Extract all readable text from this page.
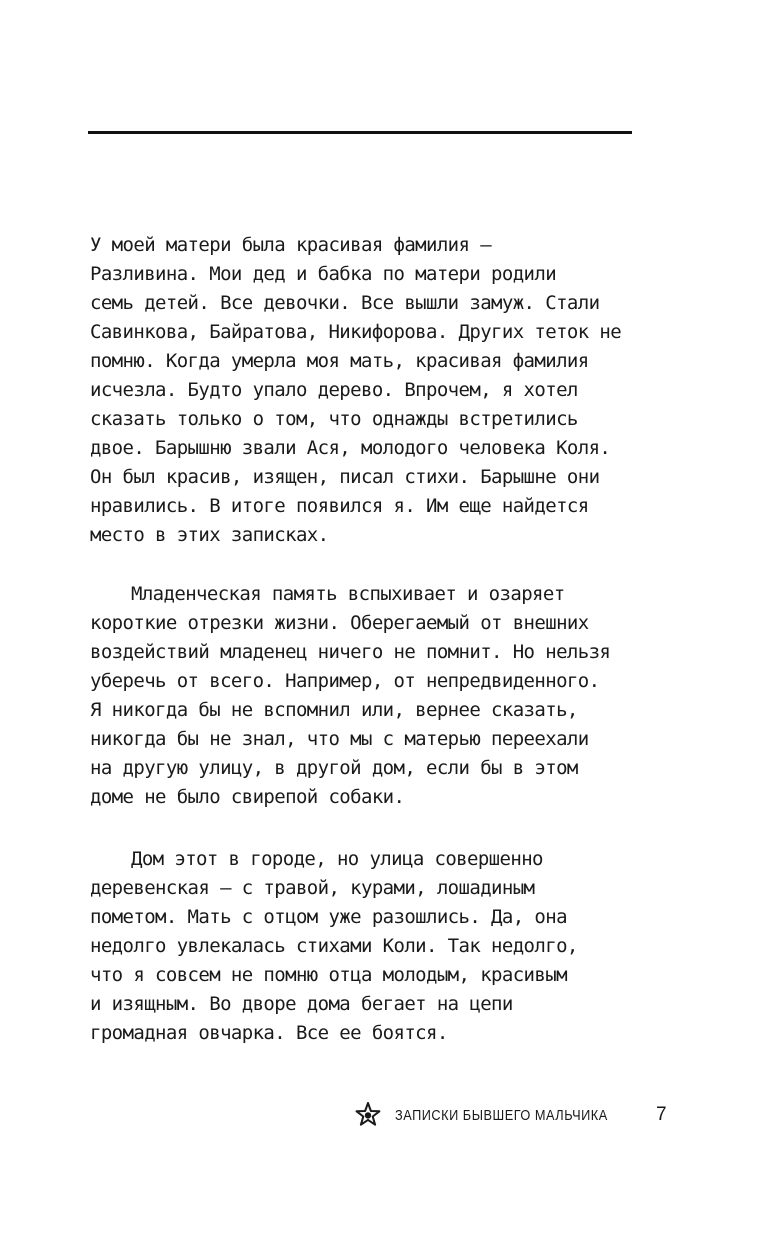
У моей матери была красивая фамилия –
Разливина. Мои дед и бабка по матери родили
семь детей. Все девочки. Все вышли замуж. Стали
Савинкова, Байратова, Никифорова. Других теток не
помню. Когда умерла моя мать, красивая фамилия
исчезла. Будто упало дерево. Впрочем, я хотел
сказать только о том, что однажды встретились
двое. Барышню звали Ася, молодого человека Коля.
Он был красив, изящен, писал стихи. Барышне они
нравились. В итоге появился я. Им еще найдется
место в этих записках.
Младенческая память вспыхивает и озаряет
короткие отрезки жизни. Оберегаемый от внешних
воздействий младенец ничего не помнит. Но нельзя
уберечь от всего. Например, от непредвиденного.
Я никогда бы не вспомнил или, вернее сказать,
никогда бы не знал, что мы с матерью переехали
на другую улицу, в другой дом, если бы в этом
доме не было свирепой собаки.
Дом этот в городе, но улица совершенно
деревенская – с травой, курами, лошадиным
пометом. Мать с отцом уже разошлись. Да, она
недолго увлекалась стихами Коли. Так недолго,
что я совсем не помню отца молодым, красивым
и изящным. Во дворе дома бегает на цепи
громадная овчарка. Все ее боятся.
ЗАПИСКИ БЫВШЕГО МАЛЬЧИКА	7
